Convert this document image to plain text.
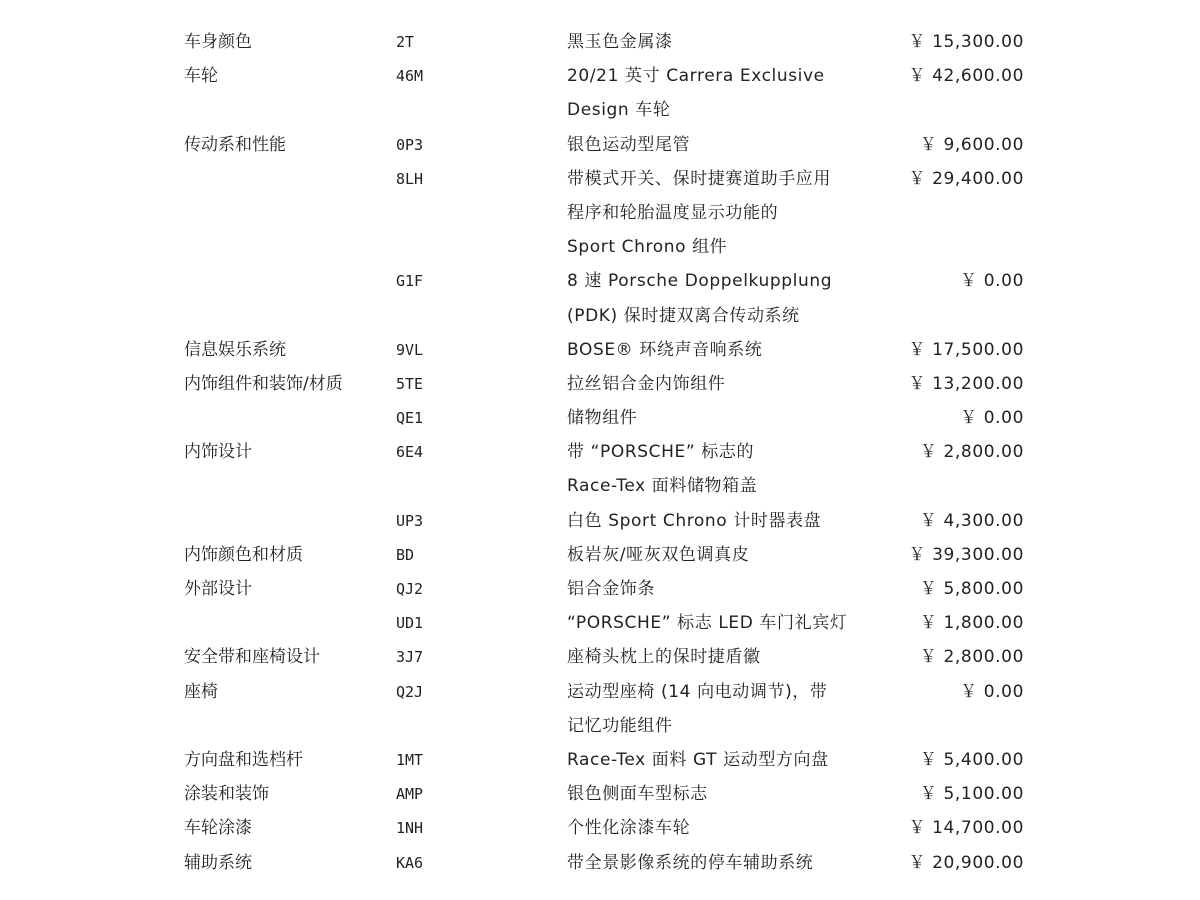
车身颜色	2T	黑玉色金属漆	￥ 15,300.00
车轮	46M	20/21 英寸 Carrera Exclusive	￥ 42,600.00
Design 车轮
传动系和性能	0P3	银色运动型尾管	￥ 9,600.00
8LH	带模式开关、保时捷赛道助手应用	￥ 29,400.00
程序和轮胎温度显示功能的
Sport Chrono 组件
G1F	8 速 Porsche Doppelkupplung	￥ 0.00
(PDK) 保时捷双离合传动系统
信息娱乐系统	9VL	BOSE® 环绕声音响系统	￥ 17,500.00
内饰组件和装饰/材质	5TE	拉丝铝合金内饰组件	￥ 13,200.00
QE1	储物组件	￥ 0.00
内饰设计	6E4	带 “PORSCHE” 标志的	￥ 2,800.00
Race-Tex 面料储物箱盖
UP3	白色 Sport Chrono 计时器表盘	￥ 4,300.00
内饰颜色和材质	BD	板岩灰/哑灰双色调真皮	￥ 39,300.00
外部设计	QJ2	铝合金饰条	￥ 5,800.00
UD1	“PORSCHE” 标志 LED 车门礼宾灯	￥ 1,800.00
安全带和座椅设计	3J7	座椅头枕上的保时捷盾徽	￥ 2,800.00
座椅	Q2J	运动型座椅 (14 向电动调节)，带	￥ 0.00
记忆功能组件
方向盘和选档杆	1MT	Race-Tex 面料 GT 运动型方向盘	￥ 5,400.00
涂装和装饰	AMP	银色侧面车型标志	￥ 5,100.00
车轮涂漆	1NH	个性化涂漆车轮	￥ 14,700.00
辅助系统	KA6	带全景影像系统的停车辅助系统	￥ 20,900.00
